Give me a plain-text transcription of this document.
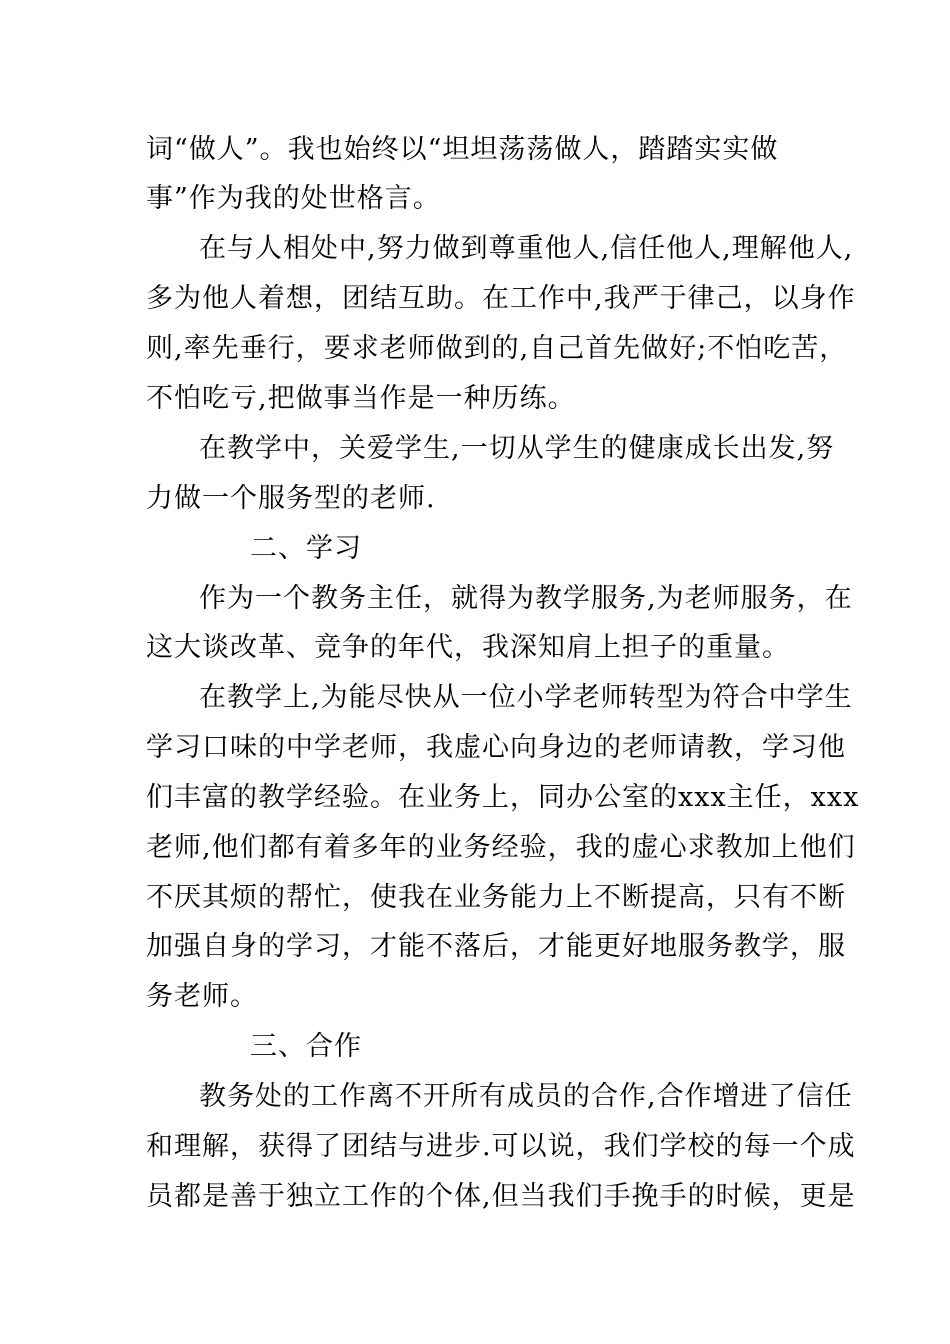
词“做人”。我也始终以“坦坦荡荡做人，踏踏实实做
事”作为我的处世格言。
在与人相处中,努力做到尊重他人,信任他人,理解他人,
多为他人着想，团结互助。在工作中,我严于律己，以身作
则,率先垂行，要求老师做到的,自己首先做好;不怕吃苦，
不怕吃亏,把做事当作是一种历练。
在教学中，关爱学生,一切从学生的健康成长出发,努
力做一个服务型的老师.
二、学习
作为一个教务主任，就得为教学服务,为老师服务，在
这大谈改革、竞争的年代，我深知肩上担子的重量。
在教学上,为能尽快从一位小学老师转型为符合中学生
学习口味的中学老师，我虚心向身边的老师请教，学习他
们丰富的教学经验。在业务上，同办公室的xxx主任，xxx
老师,他们都有着多年的业务经验，我的虚心求教加上他们
不厌其烦的帮忙，使我在业务能力上不断提高，只有不断
加强自身的学习，才能不落后，才能更好地服务教学，服
务老师。
三、合作
教务处的工作离不开所有成员的合作,合作增进了信任
和理解，获得了团结与进步.可以说，我们学校的每一个成
员都是善于独立工作的个体,但当我们手挽手的时候，更是
